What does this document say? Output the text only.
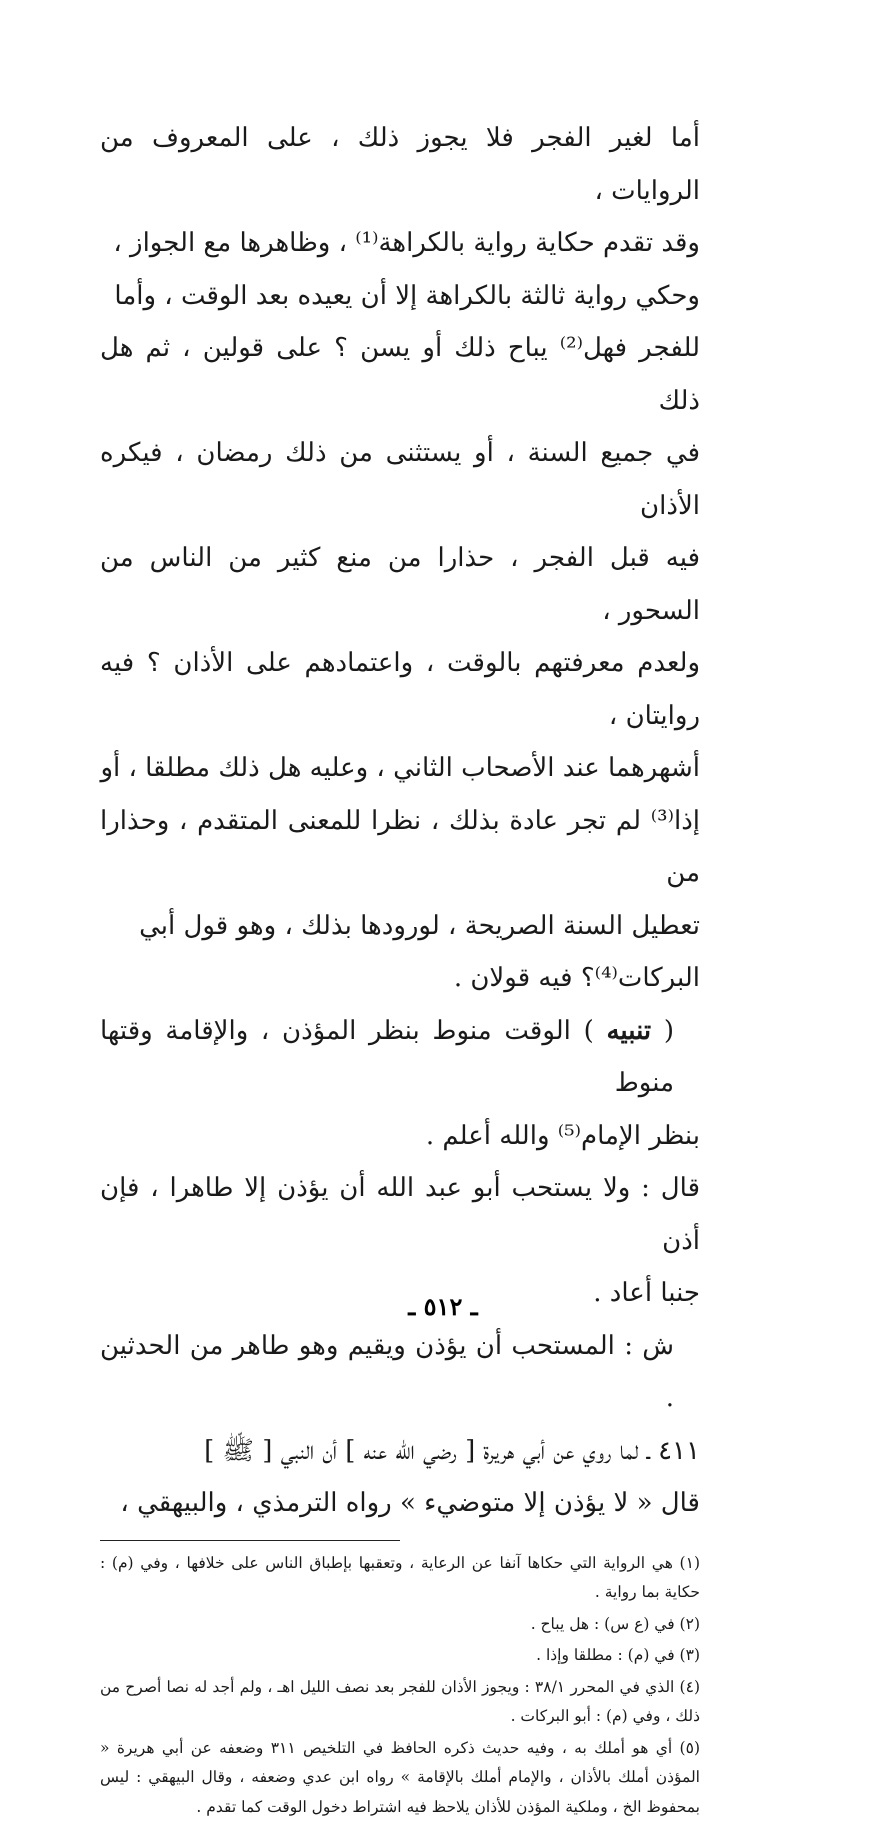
أما لغير الفجر فلا يجوز ذلك ، على المعروف من الروايات ،

وقد تقدم حكاية رواية بالكراهة⁽¹⁾ ، وظاهرها مع الجواز ،

وحكي رواية ثالثة بالكراهة إلا أن يعيده بعد الوقت ، وأما

للفجر فهل⁽²⁾ يباح ذلك أو يسن ؟ على قولين ، ثم هل ذلك

في جميع السنة ، أو يستثنى من ذلك رمضان ، فيكره الأذان

فيه قبل الفجر ، حذارا من منع كثير من الناس من السحور ،

ولعدم معرفتهم بالوقت ، واعتمادهم على الأذان ؟ فيه روايتان ،

أشهرهما عند الأصحاب الثاني ، وعليه هل ذلك مطلقا ، أو

إذا⁽³⁾ لم تجر عادة بذلك ، نظرا للمعنى المتقدم ، وحذارا من

تعطيل السنة الصريحة ، لورودها بذلك ، وهو قول أبي

البركات⁽⁴⁾؟ فيه قولان .

( تنبيه ) الوقت منوط بنظر المؤذن ، والإقامة وقتها منوط

بنظر الإمام⁽⁵⁾ والله أعلم .

قال : ولا يستحب أبو عبد الله أن يؤذن إلا طاهرا ، فإن أذن

جنبا أعاد .

ش : المستحب أن يؤذن ويقيم وهو طاهر من الحدثين .

٤١١ ـ لما روي عن أبي هريرة [ رضي الله عنه ] أن النبي [ ﷺ ]

قال « لا يؤذن إلا متوضيء » رواه الترمذي ، والبيهقي ،

(١) هي الرواية التي حكاها آنفا عن الرعاية ، وتعقبها بإطباق الناس على خلافها ، وفي (م) : حكاية بما رواية .

(٢) في (ع س) : هل يباح .

(٣) في (م) : مطلقا وإذا .

(٤) الذي في المحرر ٣٨/١ : ويجوز الأذان للفجر بعد نصف الليل اهـ ، ولم أجد له نصا أصرح من ذلك ، وفي (م) : أبو البركات .

(٥) أي هو أملك به ، وفيه حديث ذكره الحافظ في التلخيص ٣١١ وضعفه عن أبي هريرة « المؤذن أملك بالأذان ، والإمام أملك بالإقامة » رواه ابن عدي وضعفه ، وقال البيهقي : ليس بمحفوظ الخ ، وملكية المؤذن للأذان يلاحظ فيه اشتراط دخول الوقت كما تقدم .

ـ ٥١٢ ـ
